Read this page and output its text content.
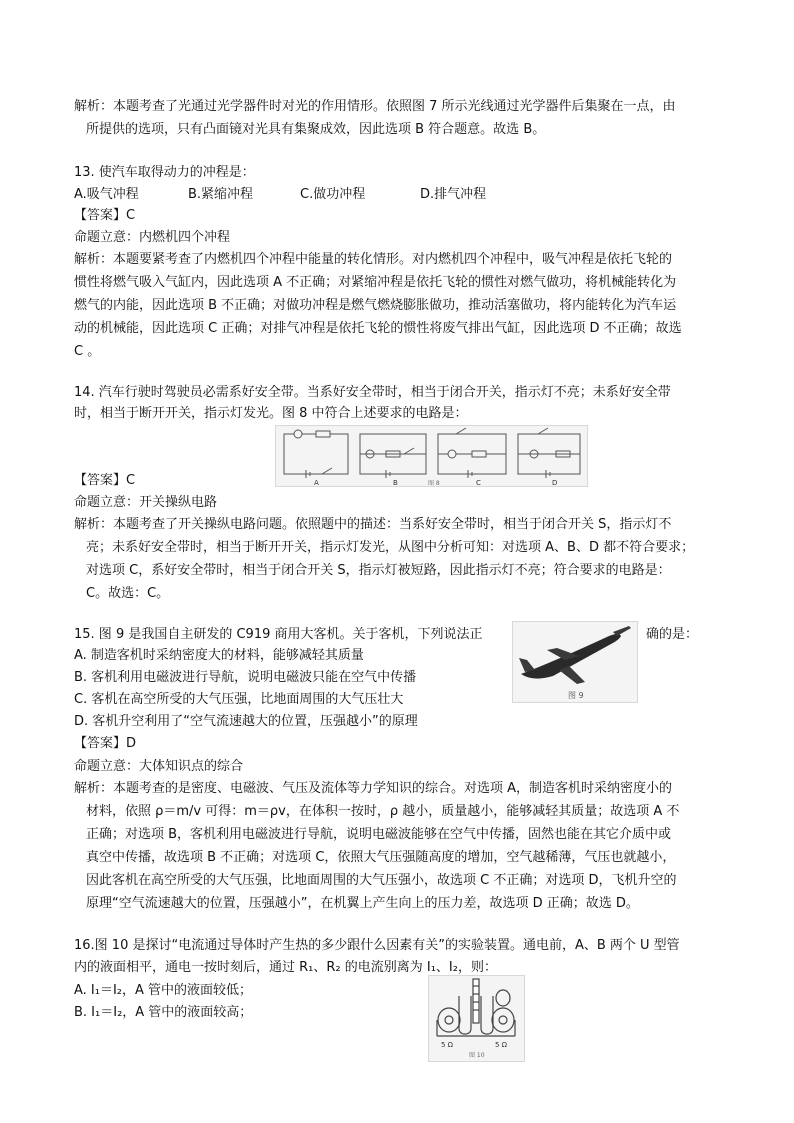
解析：本题考查了光通过光学器件时对光的作用情形。依照图 7 所示光线通过光学器件后集聚在一点，由
所提供的选项，只有凸面镜对光具有集聚成效，因此选项 B 符合题意。故选 B。
13. 使汽车取得动力的冲程是：
A.吸气冲程	B.紧缩冲程	C.做功冲程	D.排气冲程
【答案】C
命题立意：内燃机四个冲程
解析：本题要紧考查了内燃机四个冲程中能量的转化情形。对内燃机四个冲程中，吸气冲程是依托飞轮的
惯性将燃气吸入气缸内，因此选项 A 不正确；对紧缩冲程是依托飞轮的惯性对燃气做功，将机械能转化为
燃气的内能，因此选项 B 不正确；对做功冲程是燃气燃烧膨胀做功，推动活塞做功，将内能转化为汽车运
动的机械能，因此选项 C 正确；对排气冲程是依托飞轮的惯性将废气排出气缸，因此选项 D 不正确；故选
C 。
14. 汽车行驶时驾驶员必需系好安全带。当系好安全带时，相当于闭合开关，指示灯不亮；未系好安全带
时，相当于断开开关，指示灯发光。图 8 中符合上述要求的电路是：
A	B	C	D
图 8
【答案】C
命题立意：开关操纵电路
解析：本题考查了开关操纵电路问题。依照题中的描述：当系好安全带时，相当于闭合开关 S，指示灯不
亮；未系好安全带时，相当于断开开关，指示灯发光，从图中分析可知：对选项 A、B、D 都不符合要求；
对选项 C，系好安全带时，相当于闭合开关 S，指示灯被短路，因此指示灯不亮；符合要求的电路是：
C。故选：C。
15. 图 9 是我国自主研发的 C919 商用大客机。关于客机，下列说法正	确的是：
图 9
A. 制造客机时采纳密度大的材料，能够减轻其质量
B. 客机利用电磁波进行导航，说明电磁波只能在空气中传播
C. 客机在高空所受的大气压强，比地面周围的大气压壮大
D. 客机升空利用了“空气流速越大的位置，压强越小”的原理
【答案】D
命题立意：大体知识点的综合
解析：本题考查的是密度、电磁波、气压及流体等力学知识的综合。对选项 A，制造客机时采纳密度小的
材料，依照 ρ＝m/v 可得：m＝ρv，在体积一按时，ρ 越小，质量越小，能够减轻其质量；故选项 A 不
正确；对选项 B，客机利用电磁波进行导航，说明电磁波能够在空气中传播，固然也能在其它介质中或
真空中传播，故选项 B 不正确；对选项 C，依照大气压强随高度的增加，空气越稀薄，气压也就越小，
因此客机在高空所受的大气压强，比地面周围的大气压强小，故选项 C 不正确；对选项 D，飞机升空的
原理“空气流速越大的位置，压强越小”，在机翼上产生向上的压力差，故选项 D 正确；故选 D。
16.图 10 是探讨“电流通过导体时产生热的多少跟什么因素有关”的实验装置。通电前，A、B 两个 U 型管
内的液面相平，通电一按时刻后，通过 R₁、R₂ 的电流别离为 I₁、I₂，则：
A. I₁＝I₂，A 管中的液面较低；
B. I₁＝I₂，A 管中的液面较高；
5 Ω	5 Ω
图 10
